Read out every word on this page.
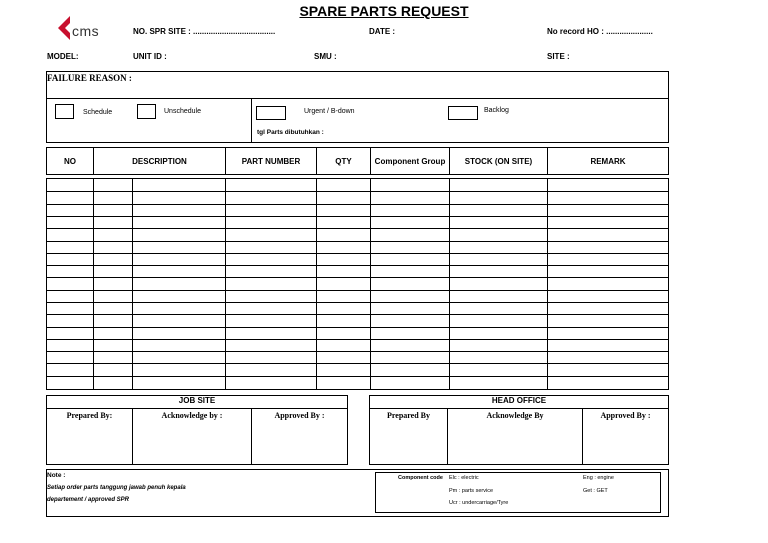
SPARE PARTS REQUEST
cms	NO. SPR SITE : .....................................	DATE :	No record HO : .....................
MODEL:	UNIT ID :	SMU :	SITE :
FAILURE REASON :
Schedule	Unschedule	Urgent / B-down	Backlog
tgl Parts dibutuhkan :
NO	DESCRIPTION	PART NUMBER	QTY	Component Group	STOCK (ON SITE)	REMARK
JOB SITE
Prepared By:	Acknowledge by :	Approved By :
HEAD OFFICE
Prepared By	Acknowledge By	Approved By :
Note :
Setiap order parts tanggung jawab penuh kepala
departement / approved SPR
Component code Elc : electric
Pm : parts service
Ucr : undercarriage/Tyre
Eng : engine
Get : GET
